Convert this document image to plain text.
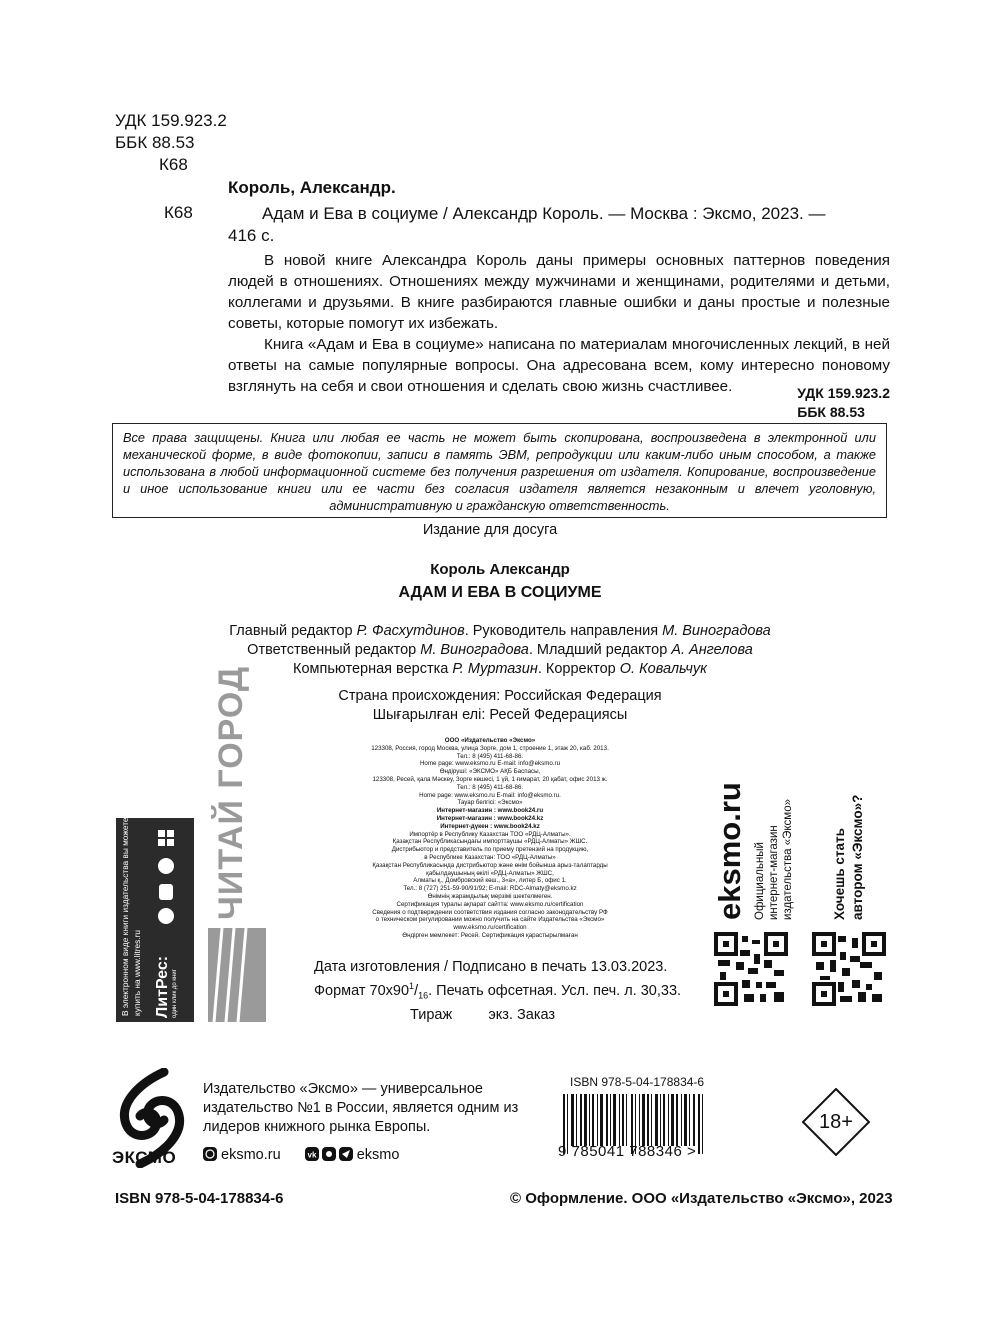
УДК 159.923.2
ББК 88.53
К68
Король, Александр.
К68	Адам и Ева в социуме / Александр Король. — Москва : Эксмо, 2023. —
416 с.

В новой книге Александра Король даны примеры основных паттернов поведения людей в отношениях. Отношениях между мужчинами и женщинами, родителями и детьми, коллегами и друзьями. В книге разбираются главные ошибки и даны простые и полезные советы, которые помогут их избежать.

Книга «Адам и Ева в социуме» написана по материалам многочисленных лекций, в ней ответы на самые популярные вопросы. Она адресована всем, кому интересно поновому взглянуть на себя и свои отношения и сделать свою жизнь счастливее.	УДК 159.923.2
ББК 88.53

Все права защищены. Книга или любая ее часть не может быть скопирована, воспроизведена в электронной или механической форме, в виде фотокопии, записи в память ЭВМ, репродукции или каким-либо иным способом, а также использована в любой информационной системе без получения разрешения от издателя. Копирование, воспроизведение и иное использование книги или ее части без согласия издателя является незаконным и влечет уголовную, административную и гражданскую ответственность.

Издание для досуга
Король Александр
АДАМ И ЕВА В СОЦИУМЕ
Главный редактор Р. Фасхутдинов. Руководитель направления М. Виноградова
Ответственный редактор М. Виноградова. Младший редактор А. Ангелова
Компьютерная верстка Р. Муртазин. Корректор О. Ковальчук
Страна происхождения: Российская Федерация
Шығарылған елі: Ресей Федерациясы
ООО «Издательство «Эксмо»
123308, Россия, город Москва, улица Зорге, дом 1, строение 1, этаж 20, каб. 2013.
Тел.: 8 (495) 411-68-86.
Home page: www.eksmo.ru E-mail: info@eksmo.ru
Өндіруші: «ЭКСМО» АҚБ Баспасы,
123308, Ресей, қала Мәскеу, Зорге көшесі, 1 үй, 1 ғимарат, 20 қабат, офис 2013 ж.
Тел.: 8 (495) 411-68-86.
Home page: www.eksmo.ru E-mail: info@eksmo.ru.
Тауар белгісі: «Эксмо»
Интернет-магазин : www.book24.ru
Интернет-магазин : www.book24.kz
Интернет-дүкен : www.book24.kz
Импортёр в Республику Казахстан ТОО «РДЦ-Алматы».
Қазақстан Республикасындағы импорттаушы «РДЦ-Алматы» ЖШС.
Дистрибьютор и представитель по приему претензий на продукцию,
в Республике Казахстан: ТОО «РДЦ-Алматы»
Қазақстан Республикасында дистрибьютор және өнім бойынша арыз-талаптарды
қабылдаушының өкілі «РДЦ-Алматы» ЖШС,
Алматы қ., Домбровский көш., 3«а», литер Б, офис 1.
Тел.: 8 (727) 251-59-90/91/92; E-mail: RDC-Almaty@eksmo.kz
Өнімнің жарамдылық мерзімі шектелмеген.
Сертификация туралы ақпарат сайтта: www.eksmo.ru/certification
Сведения о подтверждении соответствия издания согласно законодательству РФ
о техническом регулировании можно получить на сайте Издательства «Эксмо»
www.eksmo.ru/certification
Өндірген мемлекет: Ресей. Сертификация қарастырылмаған
Дата изготовления / Подписано в печать 13.03.2023.
Формат $70x90^1/_{16}$. Печать офсетная. Усл. печ. л. 30,33.
Тираж         экз. Заказ
В электронном виде книги издательства вы можете купить на www.litres.ru ЛитРес: один клик до книг
ЧИТАЙ ГОРОД	eksmo.ru Официальный интернет-магазин издательства «Эксмо»	Хочешь стать автором «Эксмо»?
ЭКСМО
Издательство «Эксмо» — универсальное издательство №1 в России, является одним из лидеров книжного рынка Европы.
eksmo.ru	vk	eksmo
ISBN 978-5-04-178834-6
9 785041 788346 >
18+
ISBN 978-5-04-178834-6	© Оформление. ООО «Издательство «Эксмо», 2023
